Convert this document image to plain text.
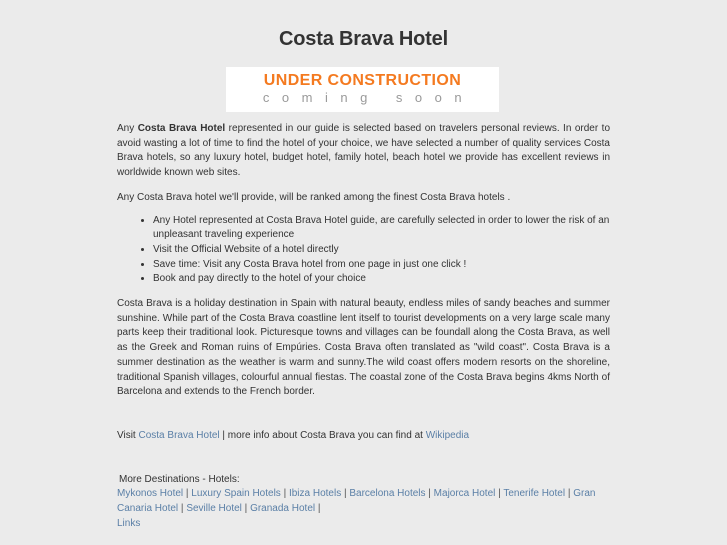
Costa Brava Hotel
UNDER CONSTRUCTION
coming soon

Any Costa Brava Hotel represented in our guide is selected based on travelers personal reviews. In order to avoid wasting a lot of time to find the hotel of your choice, we have selected a number of quality services Costa Brava hotels, so any luxury hotel, budget hotel, family hotel, beach hotel we provide has excellent reviews in worldwide known web sites.

Any Costa Brava hotel we'll provide, will be ranked among the finest Costa Brava hotels .

• Any Hotel represented at Costa Brava Hotel guide, are carefully selected in order to lower the risk of an unpleasant traveling experience
• Visit the Official Website of a hotel directly
• Save time: Visit any Costa Brava hotel from one page in just one click !
• Book and pay directly to the hotel of your choice

Costa Brava is a holiday destination in Spain with natural beauty, endless miles of sandy beaches and summer sunshine. While part of the Costa Brava coastline lent itself to tourist developments on a very large scale many parts keep their traditional look. Picturesque towns and villages can be foundall along the Costa Brava, as well as the Greek and Roman ruins of Empúries. Costa Brava often translated as "wild coast". Costa Brava is a summer destination as the weather is warm and sunny.The wild coast offers modern resorts on the shoreline, traditional Spanish villages, colourful annual fiestas. The coastal zone of the Costa Brava begins 4kms North of Barcelona and extends to the French border.

Visit Costa Brava Hotel | more info about Costa Brava you can find at Wikipedia

More Destinations - Hotels:
Mykonos Hotel | Luxury Spain Hotels | Ibiza Hotels | Barcelona Hotels | Majorca Hotel | Tenerife Hotel | Gran Canaria Hotel | Seville Hotel | Granada Hotel |
Links
